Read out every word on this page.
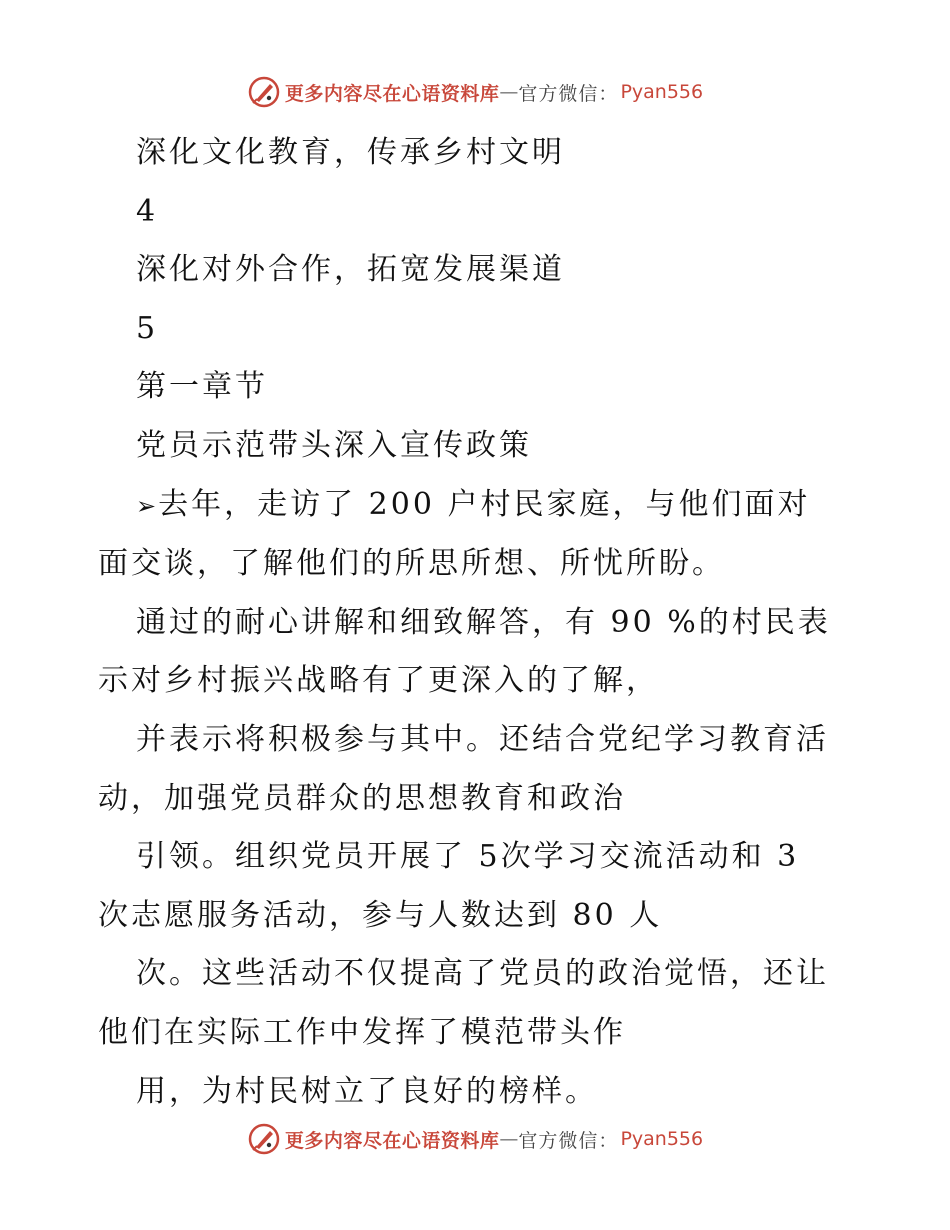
更多内容尽在心语资料库 — 官方微信： Pyan556

深化文化教育，传承乡村文明

4

深化对外合作，拓宽发展渠道

5

第一章节

党员示范带头深入宣传政策

➢去年，走访了 200 户村民家庭，与他们面对

面交谈，了解他们的所思所想、所忧所盼。

通过的耐心讲解和细致解答，有 90 %的村民表

示对乡村振兴战略有了更深入的了解，

并表示将积极参与其中。还结合党纪学习教育活

动，加强党员群众的思想教育和政治

引领。组织党员开展了 5次学习交流活动和 3

次志愿服务活动，参与人数达到 80 人

次。这些活动不仅提高了党员的政治觉悟，还让

他们在实际工作中发挥了模范带头作

用，为村民树立了良好的榜样。

更多内容尽在心语资料库 — 官方微信： Pyan556
